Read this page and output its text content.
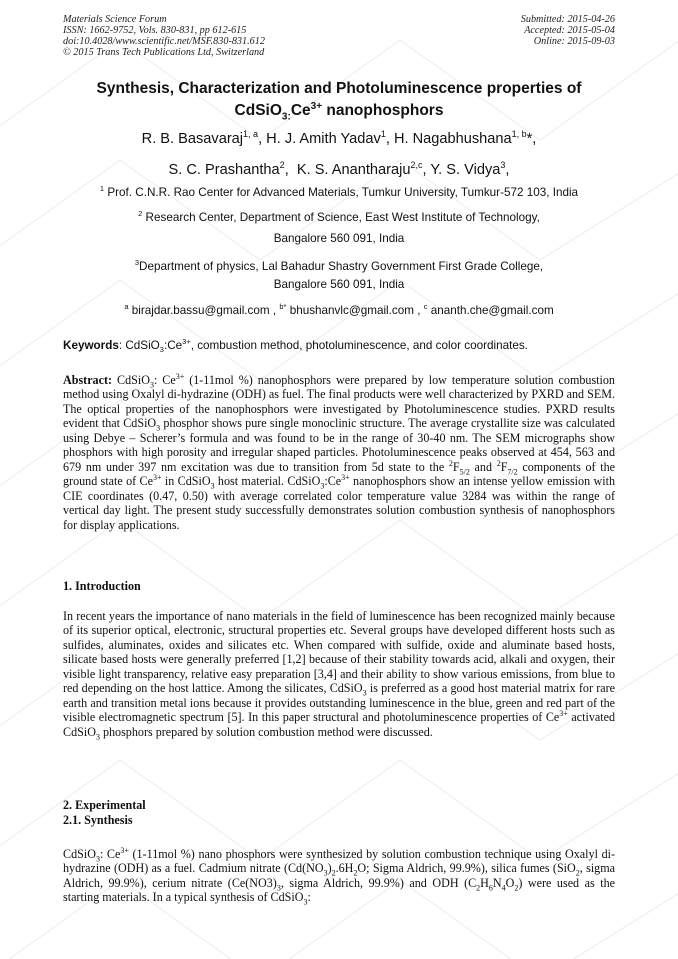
Materials Science Forum
ISSN: 1662-9752, Vols. 830-831, pp 612-615
doi:10.4028/www.scientific.net/MSF.830-831.612
© 2015 Trans Tech Publications Ltd, Switzerland
Submitted: 2015-04-26
Accepted: 2015-05-04
Online: 2015-09-03
Synthesis, Characterization and Photoluminescence properties of
$CdSiO_{3:}Ce^{3+}$ nanophosphors
R. B. Basavaraj$^{1, a}$, H. J. Amith Yadav$^1$, H. Nagabhushana$^{1, b}$*,
S. C. Prashantha$^2$,  K. S. Anantharaju$^{2,c}$, Y. S. Vidya$^3$,
$^1$ Prof. C.N.R. Rao Center for Advanced Materials, Tumkur University, Tumkur-572 103, India
$^2$ Research Center, Department of Science, East West Institute of Technology,
Bangalore 560 091, India
$^3$Department of physics, Lal Bahadur Shastry Government First Grade College,
Bangalore 560 091, India
$^a$ birajdar.bassu@gmail.com , $^{b*}$ bhushanvlc@gmail.com , $^c$ ananth.che@gmail.com
Keywords: $CdSiO_3:Ce^{3+}$, combustion method, photoluminescence, and color coordinates.
Abstract: CdSiO$_3$: $Ce^{3+}$ (1-11mol %) nanophosphors were prepared by low temperature solution combustion method using Oxalyl di-hydrazine (ODH) as fuel. The final products were well characterized by PXRD and SEM. The optical properties of the nanophosphors were investigated by Photoluminescence studies. PXRD results evident that CdSiO$_3$ phosphor shows pure single monoclinic structure. The average crystallite size was calculated using Debye – Scherer’s formula and was found to be in the range of 30-40 nm. The SEM micrographs show phosphors with high porosity and irregular shaped particles. Photoluminescence peaks observed at 454, 563 and 679 nm under 397 nm excitation was due to transition from 5d state to the $^2F_{5/2}$ and $^2F_{7/2}$ components of the ground state of $Ce^{3+}$ in CdSiO$_3$ host material. $CdSiO_3:Ce^{3+}$ nanophosphors show an intense yellow emission with CIE coordinates (0.47, 0.50) with average correlated color temperature value 3284 was within the range of vertical day light. The present study successfully demonstrates solution combustion synthesis of nanophosphors for display applications.
1. Introduction
In recent years the importance of nano materials in the field of luminescence has been recognized mainly because of its superior optical, electronic, structural properties etc. Several groups have developed different hosts such as sulfides, aluminates, oxides and silicates etc. When compared with sulfide, oxide and aluminate based hosts, silicate based hosts were generally preferred [1,2] because of their stability towards acid, alkali and oxygen, their visible light transparency, relative easy preparation [3,4] and their ability to show various emissions, from blue to red depending on the host lattice. Among the silicates, CdSiO$_3$ is preferred as a good host material matrix for rare earth and transition metal ions because it provides outstanding luminescence in the blue, green and red part of the visible electromagnetic spectrum [5]. In this paper structural and photoluminescence properties of $Ce^{3+}$ activated CdSiO$_3$ phosphors prepared by solution combustion method were discussed.
2. Experimental
2.1. Synthesis
CdSiO$_3$: $Ce^{3+}$ (1-11mol %) nano phosphors were synthesized by solution combustion technique using Oxalyl di-hydrazine (ODH) as a fuel. Cadmium nitrate ($Cd(NO_3)_2.6H_2O$; Sigma Aldrich, 99.9%), silica fumes (SiO$_2$, sigma Aldrich, 99.9%), cerium nitrate ($Ce(NO3)_3$, sigma Aldrich, 99.9%) and ODH $(C_2H_6N_4O_2)$ were used as the starting materials. In a typical synthesis of CdSiO$_3$:
